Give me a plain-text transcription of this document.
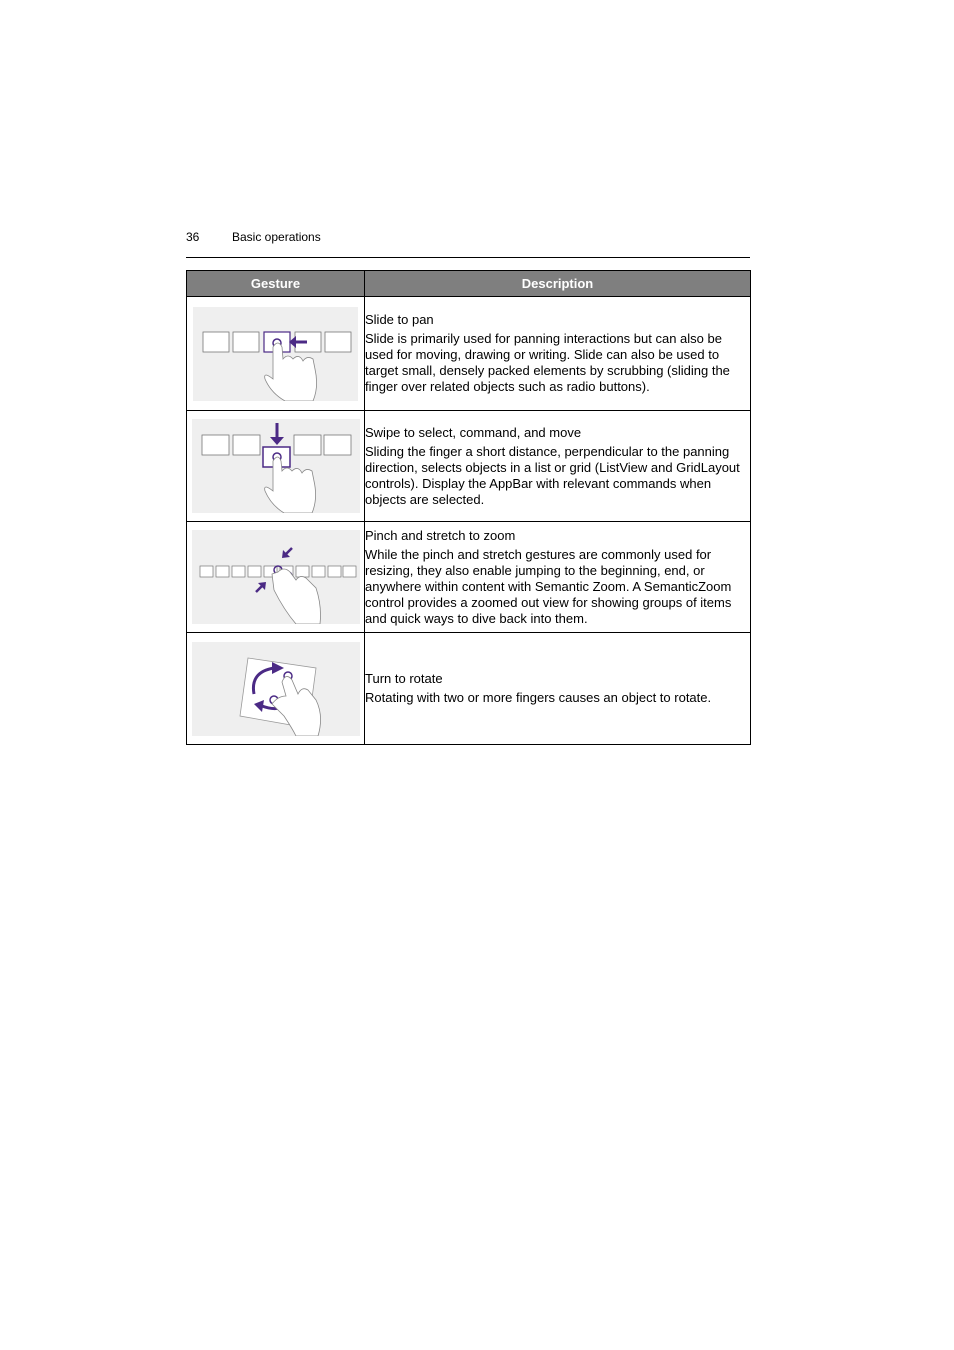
36	Basic operations
Gesture	Description

Slide to pan
Slide is primarily used for panning interactions but can also be used for moving, drawing or writing. Slide can also be used to target small, densely packed elements by scrubbing (sliding the finger over related objects such as radio buttons).

Swipe to select, command, and move
Sliding the finger a short distance, perpendicular to the panning direction, selects objects in a list or grid (ListView and GridLayout controls). Display the AppBar with relevant commands when objects are selected.

Pinch and stretch to zoom
While the pinch and stretch gestures are commonly used for resizing, they also enable jumping to the beginning, end, or anywhere within content with Semantic Zoom. A SemanticZoom control provides a zoomed out view for showing groups of items and quick ways to dive back into them.

Turn to rotate
Rotating with two or more fingers causes an object to rotate.
